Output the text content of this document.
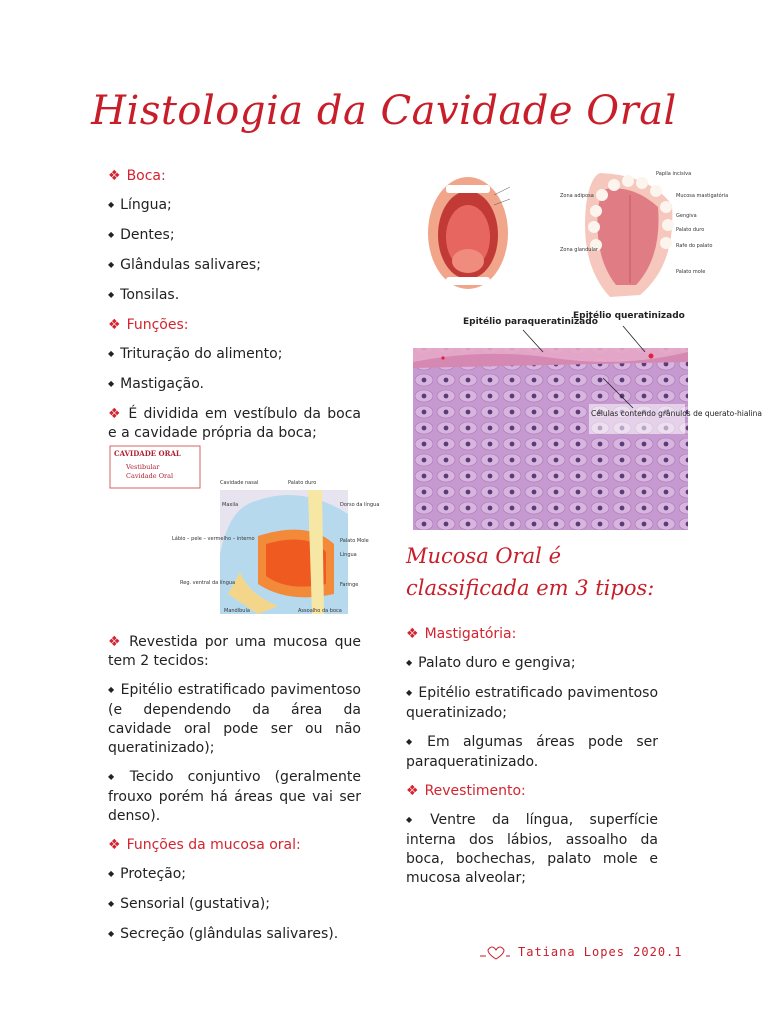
Histologia da Cavidade Oral

❖ Boca:

◆ Língua;

◆ Dentes;

◆ Glândulas salivares;

◆ Tonsilas.

❖ Funções:

◆ Trituração do alimento;

◆ Mastigação.

❖ É dividida em vestíbulo da boca e a cavidade própria da boca;

CAVIDADE ORAL
Vestibular
Cavidade Oral
Cavidade nasal	Palato duro
Maxila	Dorso da língua
Palato Mole
Língua
Faringe
Lábio – pele – vermelho – interno
Reg. ventral da língua
Mandíbula	Assoalho da boca

❖ Revestida por uma mucosa que tem 2 tecidos:

◆ Epitélio estratificado pavimentoso (e dependendo da área da cavidade oral pode ser ou não queratinizado);

◆ Tecido conjuntivo (geralmente frouxo porém há áreas que vai ser denso).

❖ Funções da mucosa oral:

◆ Proteção;

◆ Sensorial (gustativa);

◆ Secreção (glândulas salivares).

Zona adiposa
Zona glandular
Papila incisiva
Mucosa mastigatória
Gengiva
Palato duro
Rafe do palato
Palato mole
Epitélio paraqueratinizado
Epitélio queratinizado
Células contendo grânulos de querato-hialina
Mucosa Oral é classificada em 3 tipos:

❖ Mastigatória:

◆ Palato duro e gengiva;

◆ Epitélio estratificado pavimentoso queratinizado;

◆ Em algumas áreas pode ser paraqueratinizado.

❖ Revestimento:

◆ Ventre da língua, superfície interna dos lábios, assoalho da boca, bochechas, palato mole e mucosa alveolar;

Tatiana Lopes 2020.1
